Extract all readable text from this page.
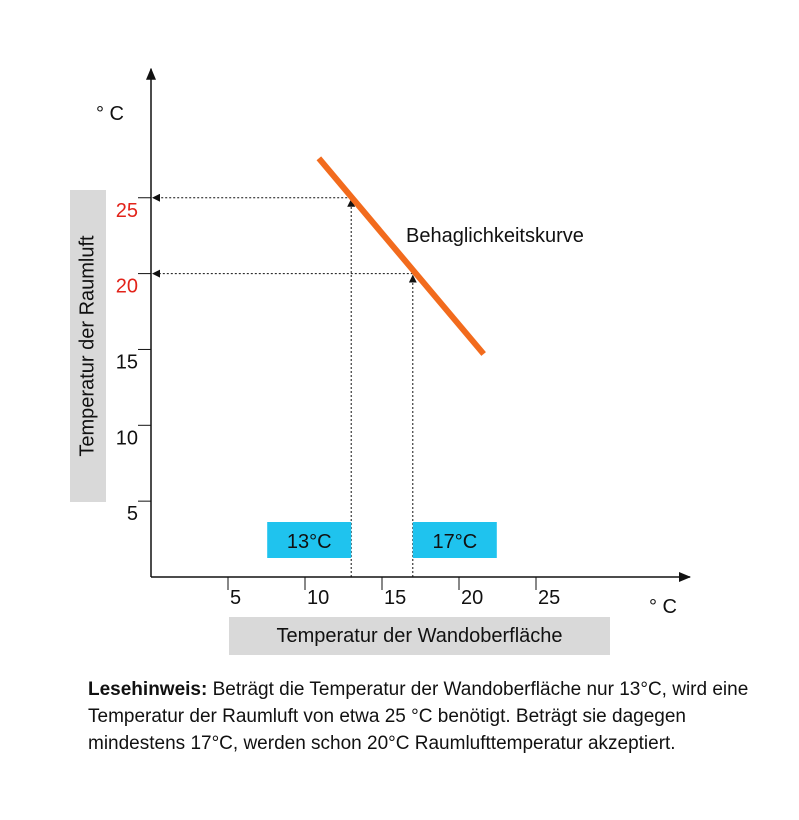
5	10	15	20	25
5
10
15
20
25
13°C	17°C
° C
° C
Behaglichkeitskurve
Temperatur der Raumluft
Temperatur der Wandoberfläche
Lesehinweis: Beträgt die Temperatur der Wandoberfläche nur 13°C, wird eine Temperatur der Raumluft von etwa 25 °C benötigt. Beträgt sie dagegen mindestens 17°C, werden schon 20°C Raumlufttemperatur akzeptiert.
